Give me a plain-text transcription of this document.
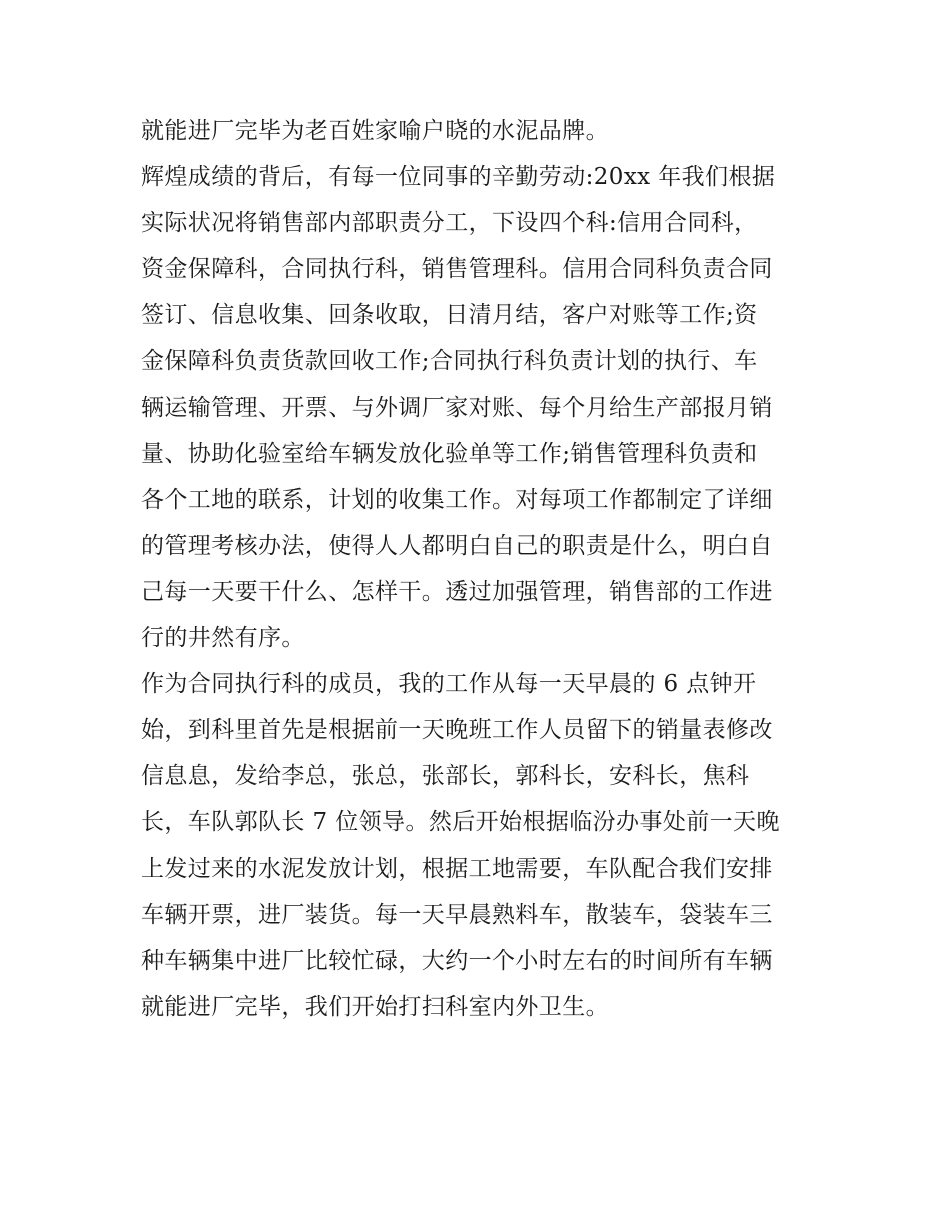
就能进厂完毕为老百姓家喻户晓的水泥品牌。
辉煌成绩的背后，有每一位同事的辛勤劳动:20xx 年我们根据
实际状况将销售部内部职责分工，下设四个科:信用合同科，
资金保障科，合同执行科，销售管理科。信用合同科负责合同
签订、信息收集、回条收取，日清月结，客户对账等工作;资
金保障科负责货款回收工作;合同执行科负责计划的执行、车
辆运输管理、开票、与外调厂家对账、每个月给生产部报月销
量、协助化验室给车辆发放化验单等工作;销售管理科负责和
各个工地的联系，计划的收集工作。对每项工作都制定了详细
的管理考核办法，使得人人都明白自己的职责是什么，明白自
己每一天要干什么、怎样干。透过加强管理，销售部的工作进
行的井然有序。
作为合同执行科的成员，我的工作从每一天早晨的 6 点钟开
始，到科里首先是根据前一天晚班工作人员留下的销量表修改
信息息，发给李总，张总，张部长，郭科长，安科长，焦科
长，车队郭队长 7 位领导。然后开始根据临汾办事处前一天晚
上发过来的水泥发放计划，根据工地需要，车队配合我们安排
车辆开票，进厂装货。每一天早晨熟料车，散装车，袋装车三
种车辆集中进厂比较忙碌，大约一个小时左右的时间所有车辆
就能进厂完毕，我们开始打扫科室内外卫生。
